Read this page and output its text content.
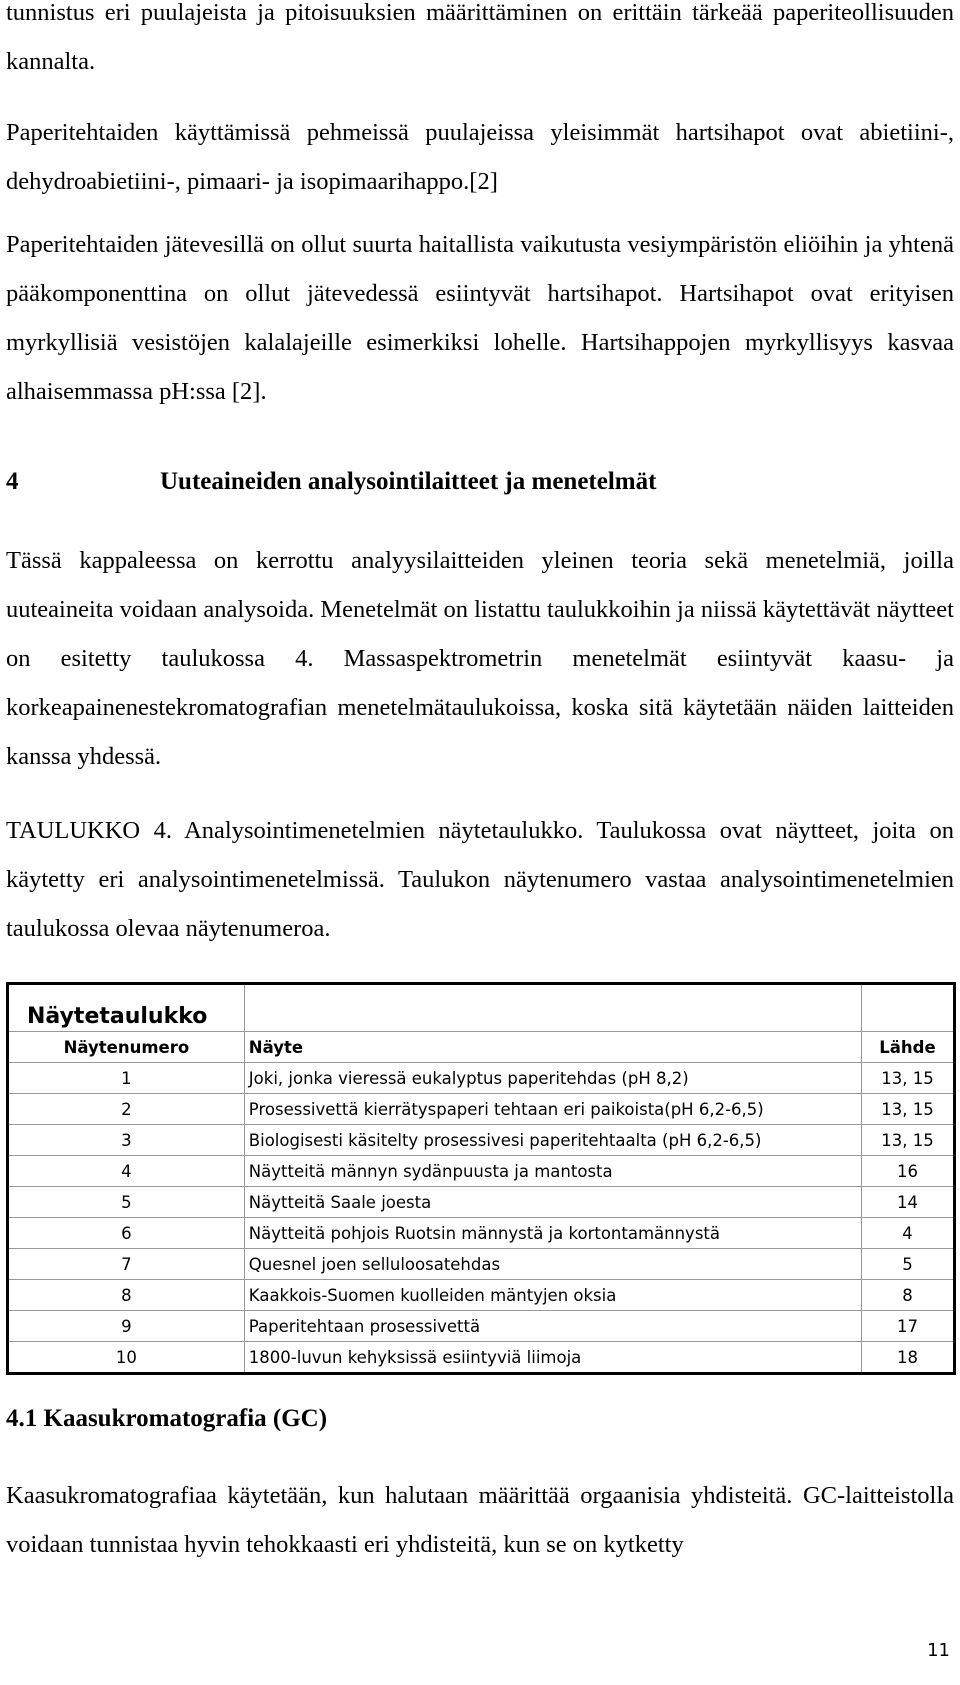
tunnistus eri puulajeista ja pitoisuuksien määrittäminen on erittäin tärkeää paperiteollisuuden kannalta.

Paperitehtaiden käyttämissä pehmeissä puulajeissa yleisimmät hartsihapot ovat abietiini-, dehydroabietiini-, pimaari- ja isopimaarihappo.[2]

Paperitehtaiden jätevesillä on ollut suurta haitallista vaikutusta vesiympäristön eliöihin ja yhtenä pääkomponenttina on ollut jätevedessä esiintyvät hartsihapot. Hartsihapot ovat erityisen myrkyllisiä vesistöjen kalalajeille esimerkiksi lohelle. Hartsihappojen myrkyllisyys kasvaa alhaisemmassa pH:ssa [2].

4	Uuteaineiden analysointilaitteet ja menetelmät

Tässä kappaleessa on kerrottu analyysilaitteiden yleinen teoria sekä menetelmiä, joilla uuteaineita voidaan analysoida. Menetelmät on listattu taulukkoihin ja niissä käytettävät näytteet on esitetty taulukossa 4. Massaspektrometrin menetelmät esiintyvät kaasu- ja korkeapainenestekromatografian menetelmätaulukoissa, koska sitä käytetään näiden laitteiden kanssa yhdessä.

TAULUKKO 4. Analysointimenetelmien näytetaulukko. Taulukossa ovat näytteet, joita on käytetty eri analysointimenetelmissä. Taulukon näytenumero vastaa analysointimenetelmien taulukossa olevaa näytenumeroa.

Näytetaulukko		
Näytenumero	Näyte	Lähde
1	Joki, jonka vieressä eukalyptus paperitehdas (pH 8,2)	13, 15
2	Prosessivettä kierrätyspaperi tehtaan eri paikoista(pH 6,2-6,5)	13, 15
3	Biologisesti käsitelty prosessivesi paperitehtaalta (pH 6,2-6,5)	13, 15
4	Näytteitä männyn sydänpuusta ja mantosta	16
5	Näytteitä Saale joesta	14
6	Näytteitä pohjois Ruotsin männystä ja kortontamännystä	4
7	Quesnel joen selluloosatehdas	5
8	Kaakkois-Suomen kuolleiden mäntyjen oksia	8
9	Paperitehtaan prosessivettä	17
10	1800-luvun kehyksissä esiintyviä liimoja	18
4.1 Kaasukromatografia (GC)

Kaasukromatografiaa käytetään, kun halutaan määrittää orgaanisia yhdisteitä. GC-laitteistolla voidaan tunnistaa hyvin tehokkaasti eri yhdisteitä, kun se on kytketty

11
